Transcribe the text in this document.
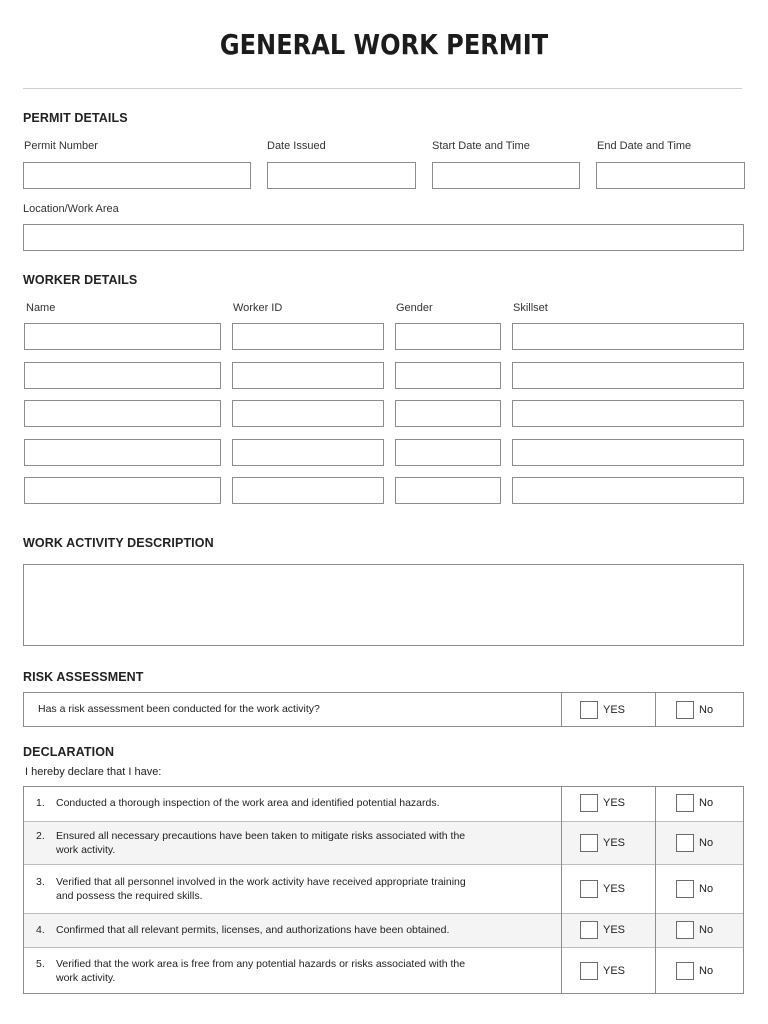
GENERAL WORK PERMIT
PERMIT DETAILS
Permit Number	Date Issued	Start Date and Time	End Date and Time
Location/Work Area
WORKER DETAILS
Name	Worker ID	Gender	Skillset
WORK ACTIVITY DESCRIPTION
RISK ASSESSMENT
Has a risk assessment been conducted for the work activity?	YES	No
DECLARATION
I hereby declare that I have:
1. Conducted a thorough inspection of the work area and identified potential hazards.	YES	No
2. Ensured all necessary precautions have been taken to mitigate risks associated with the
work activity.
YES	No
3. Verified that all personnel involved in the work activity have received appropriate training
and possess the required skills.
YES	No
4. Confirmed that all relevant permits, licenses, and authorizations have been obtained.	YES	No
5. Verified that the work area is free from any potential hazards or risks associated with the
work activity.
YES	No
